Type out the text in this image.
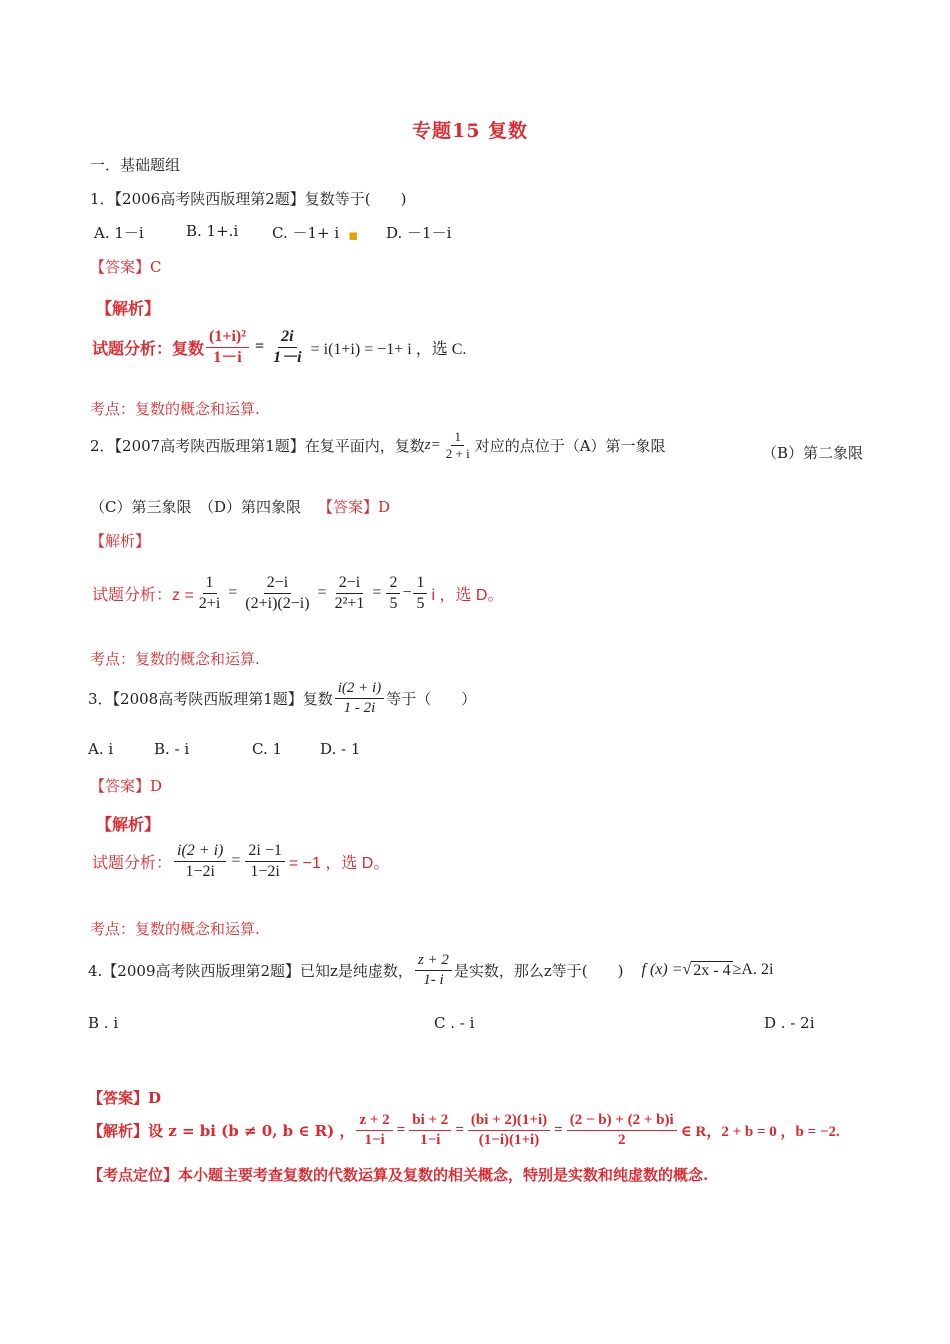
专题15 复数
一．基础题组
1．【2006高考陕西版理第2题】复数等于(　　)
A. 1－i	B. 1+.i C. －1+ i ▪ D. －1－i
【答案】C
【解析】
试题分析：复数 $\frac{\text{(1+i)²}}{1-i} = \frac{2i}{1-i} = i(1+i) = -1+ i$ ，选 C.
考点：复数的概念和运算.
2．【2007高考陕西版理第1题】在复平面内，复数 $z= \frac{1}{2 + i}$ 对应的点位于（A）第一象限	（B）第二象限
（C）第三象限　（D）第四象限 【答案】D
【解析】
试题分析：$z = \frac{1}{2+i} = \frac{2-i}{(2+i)(2-i)} = \frac{2-i}{\text{2²+1}} = \frac{2}{5} - \frac{1}{5}$ i ，选 D。
考点：复数的概念和运算.
3．【2008高考陕西版理第1题】复数 $\frac{i(2 + i)}{1 - 2i}$ 等于（　　）
A. i	B. - i	C. 1	D. - 1
【答案】D
【解析】
试题分析： $\frac{i(2 + i)}{1-2i} = \frac{2i -1}{1-2i} = -1$ ，选 D。
考点：复数的概念和运算.
4.【2009高考陕西版理第2题】已知z是纯虚数， $\frac{z + 2}{1- i}$ 是实数，那么z等于(　　) f (x) = √ 2x - 4 ≥A. 2i
B . i	C . - i	D . - 2i
【答案】D
【解析】设 z = bi (b ≠ 0, b ∈ R) ， $\frac{z + 2}{1-i} = \frac{bi + 2}{1-i} = \frac{(bi + 2)(1+i)}{(1-i)(1+i)} = \frac{(2 - b) + (2 + b)i}{2}$ ∈ R，2 + b = 0 ，b = −2.
【考点定位】本小题主要考查复数的代数运算及复数的相关概念，特别是实数和纯虚数的概念.
